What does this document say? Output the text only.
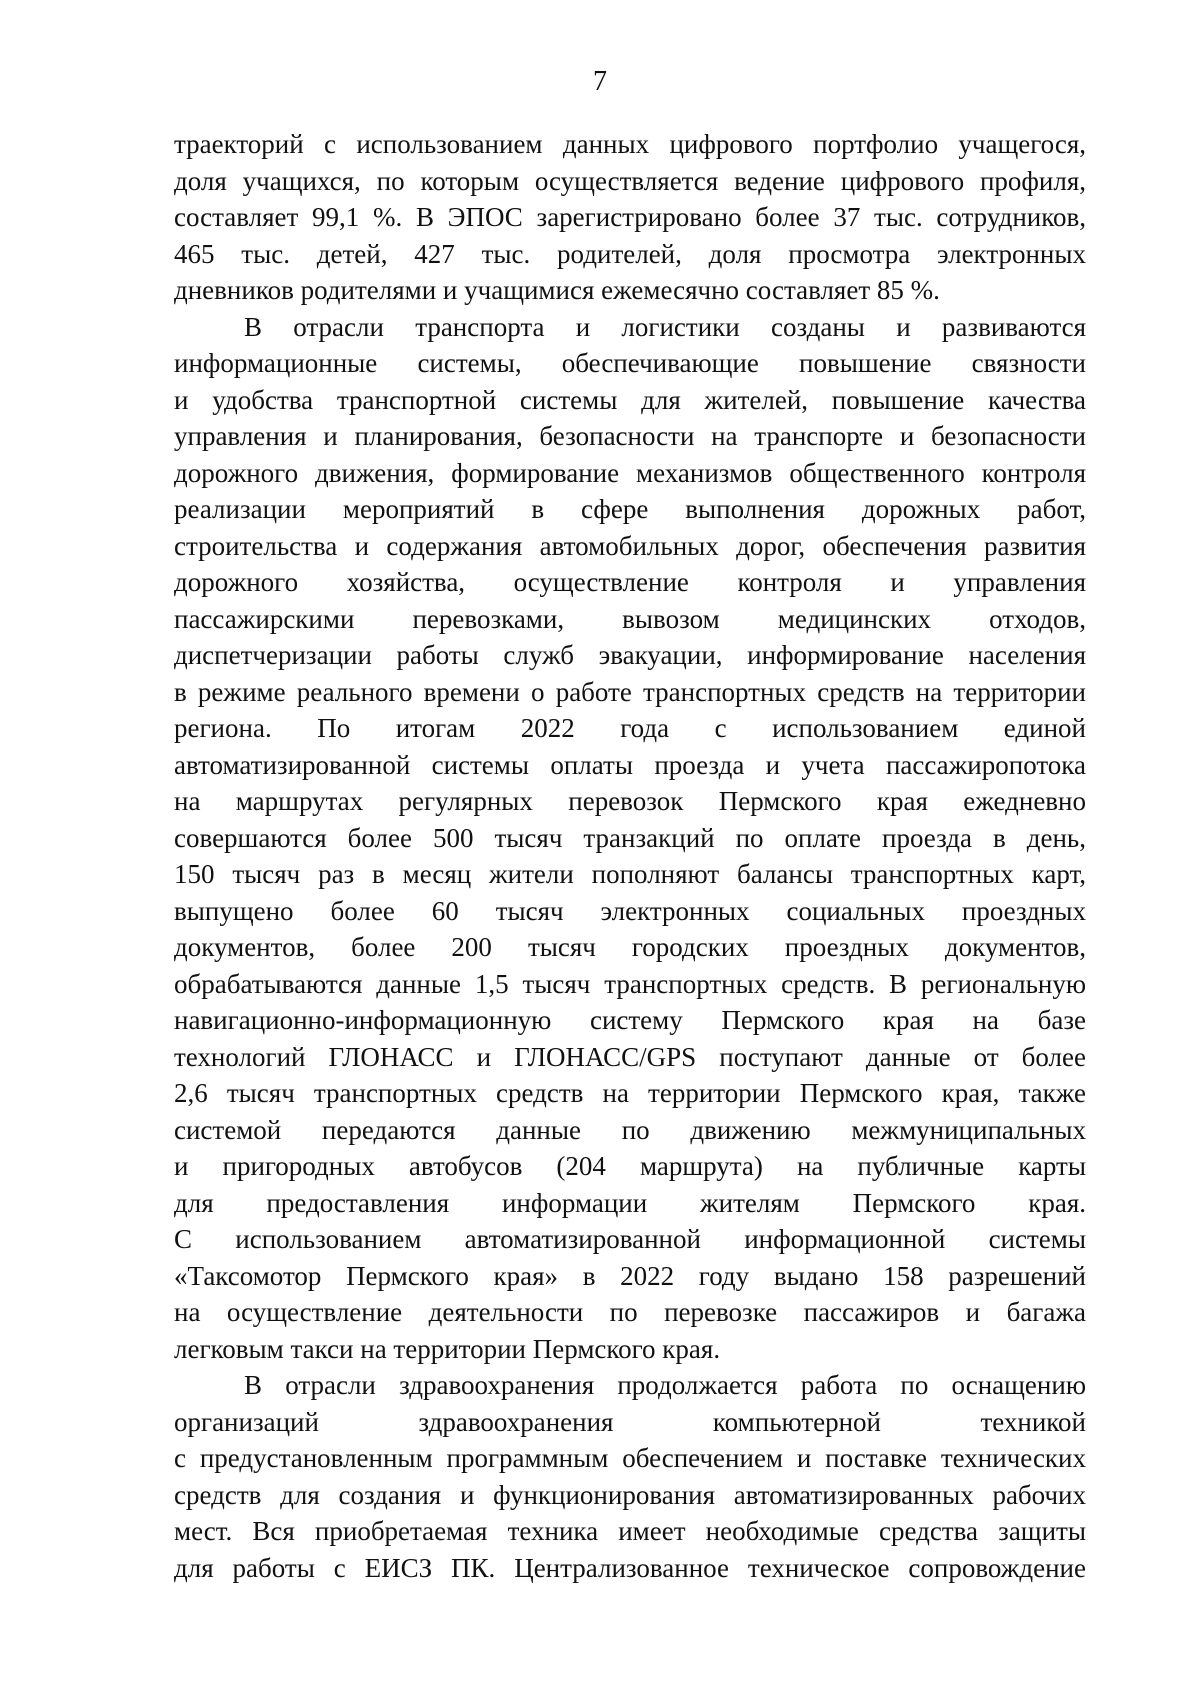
7
траекторий с использованием данных цифрового портфолио учащегося,
доля учащихся, по которым осуществляется ведение цифрового профиля,
составляет 99,1 %. В ЭПОС зарегистрировано более 37 тыс. сотрудников,
465 тыс. детей, 427 тыс. родителей, доля просмотра электронных
дневников родителями и учащимися ежемесячно составляет 85 %.
В отрасли транспорта и логистики созданы и развиваются
информационные системы, обеспечивающие повышение связности
и удобства транспортной системы для жителей, повышение качества
управления и планирования, безопасности на транспорте и безопасности
дорожного движения, формирование механизмов общественного контроля
реализации мероприятий в сфере выполнения дорожных работ,
строительства и содержания автомобильных дорог, обеспечения развития
дорожного хозяйства, осуществление контроля и управления
пассажирскими перевозками, вывозом медицинских отходов,
диспетчеризации работы служб эвакуации, информирование населения
в режиме реального времени о работе транспортных средств на территории
региона. По итогам 2022 года с использованием единой
автоматизированной системы оплаты проезда и учета пассажиропотока
на маршрутах регулярных перевозок Пермского края ежедневно
совершаются более 500 тысяч транзакций по оплате проезда в день,
150 тысяч раз в месяц жители пополняют балансы транспортных карт,
выпущено более 60 тысяч электронных социальных проездных
документов, более 200 тысяч городских проездных документов,
обрабатываются данные 1,5 тысяч транспортных средств. В региональную
навигационно-информационную систему Пермского края на базе
технологий ГЛОНАСС и ГЛОНАСС/GPS поступают данные от более
2,6 тысяч транспортных средств на территории Пермского края, также
системой передаются данные по движению межмуниципальных
и пригородных автобусов (204 маршрута) на публичные карты
для предоставления информации жителям Пермского края.
С использованием автоматизированной информационной системы
«Таксомотор Пермского края» в 2022 году выдано 158 разрешений
на осуществление деятельности по перевозке пассажиров и багажа
легковым такси на территории Пермского края.
В отрасли здравоохранения продолжается работа по оснащению
организаций здравоохранения компьютерной техникой
с предустановленным программным обеспечением и поставке технических
средств для создания и функционирования автоматизированных рабочих
мест. Вся приобретаемая техника имеет необходимые средства защиты
для работы с ЕИСЗ ПК. Централизованное техническое сопровождение
